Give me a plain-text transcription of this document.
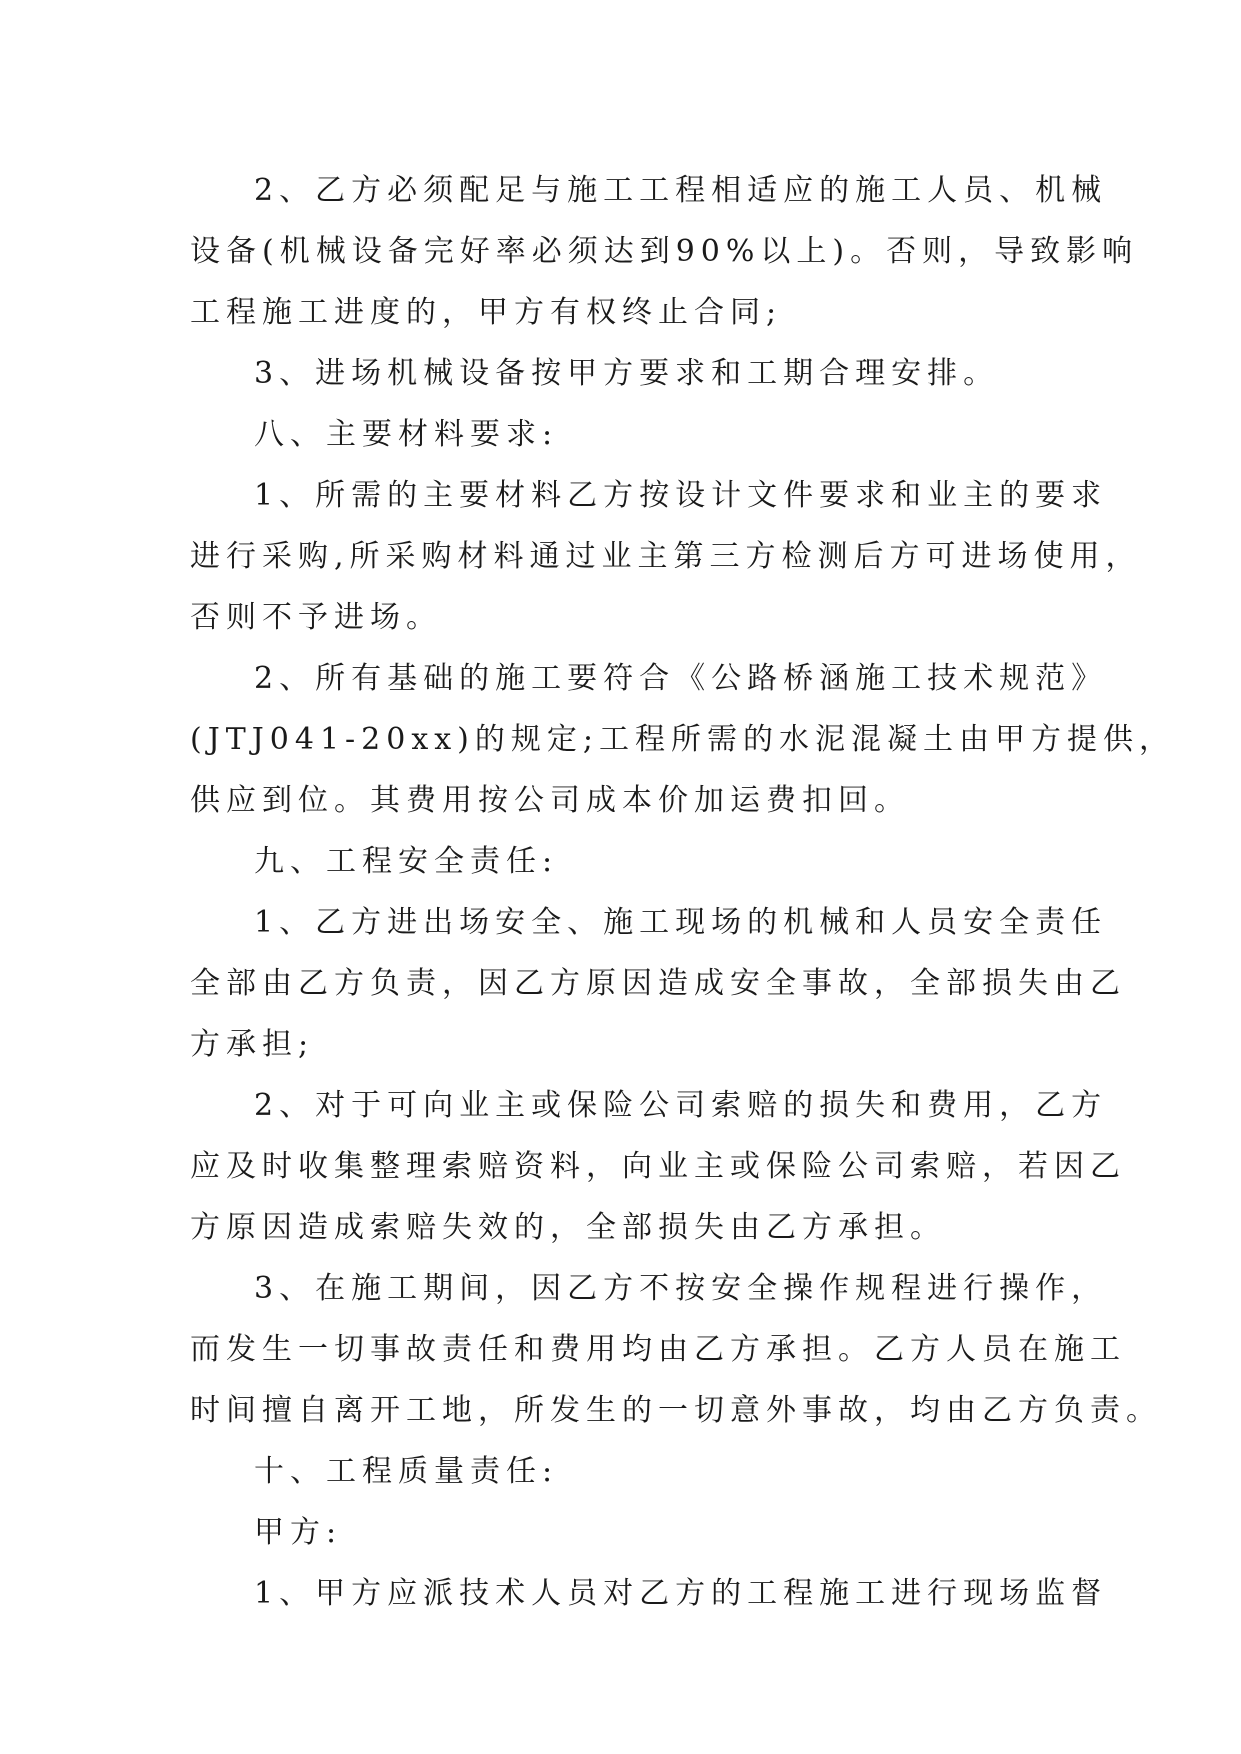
2、乙方必须配足与施工工程相适应的施工人员、机械
设备(机械设备完好率必须达到90%以上)。否则，导致影响
工程施工进度的，甲方有权终止合同;
3、进场机械设备按甲方要求和工期合理安排。
八、主要材料要求:
1、所需的主要材料乙方按设计文件要求和业主的要求
进行采购,所采购材料通过业主第三方检测后方可进场使用，
否则不予进场。
2、所有基础的施工要符合《公路桥涵施工技术规范》
(JTJ041-20xx)的规定;工程所需的水泥混凝土由甲方提供，
供应到位。其费用按公司成本价加运费扣回。
九、工程安全责任:
1、乙方进出场安全、施工现场的机械和人员安全责任
全部由乙方负责，因乙方原因造成安全事故，全部损失由乙
方承担;
2、对于可向业主或保险公司索赔的损失和费用，乙方
应及时收集整理索赔资料，向业主或保险公司索赔，若因乙
方原因造成索赔失效的，全部损失由乙方承担。
3、在施工期间，因乙方不按安全操作规程进行操作，
而发生一切事故责任和费用均由乙方承担。乙方人员在施工
时间擅自离开工地，所发生的一切意外事故，均由乙方负责。
十、工程质量责任:
甲方:
1、甲方应派技术人员对乙方的工程施工进行现场监督
